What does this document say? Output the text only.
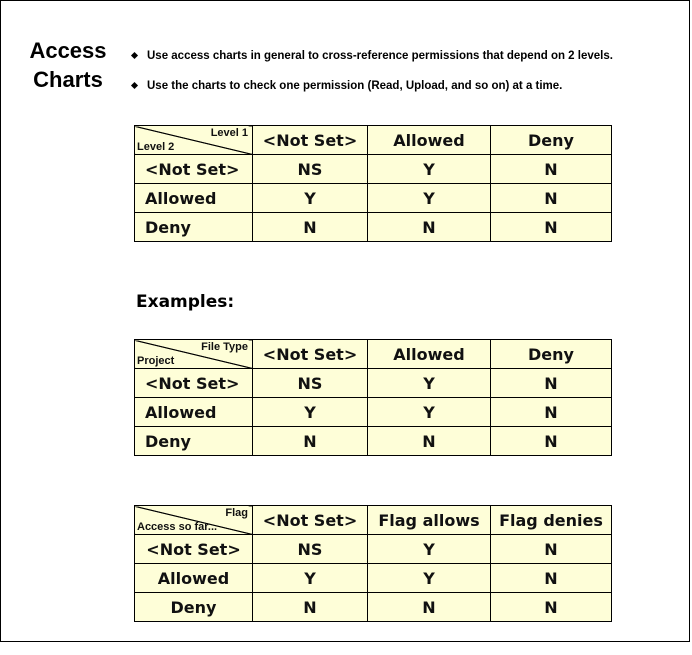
Access
Charts
Use access charts in general to cross-reference permissions that depend on 2 levels.
Use the charts to check one permission (Read, Upload, and so on) at a time.
Level 1
Level 2	<Not Set>	Allowed	Deny
<Not Set>	NS	Y	N
Allowed	Y	Y	N
Deny	N	N	N
Examples:
File Type
Project	<Not Set>	Allowed	Deny
<Not Set>	NS	Y	N
Allowed	Y	Y	N
Deny	N	N	N
Flag
Access so far...	<Not Set>	Flag allows	Flag denies
<Not Set>	NS	Y	N
Allowed	Y	Y	N
Deny	N	N	N
